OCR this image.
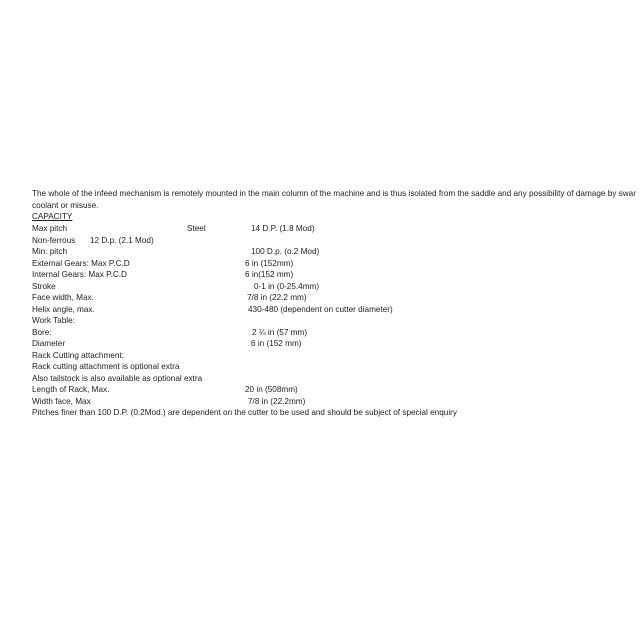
The whole of the infeed mechanism is remotely mounted in the main column of the machine and is thus isolated from the saddle and any possibility of damage by swar
coolant or misuse.
CAPACITY
Max pitch	Steel	14 D.P. (1.8 Mod)
Non-ferrous 12 D.p. (2.1 Mod)
Min. pitch	100 D.p. (o.2 Mod)
External Gears: Max P.C.D	6 in (152mm)
Internal Gears: Max P.C.D	6 in(152 mm)
Stroke	0-1 in (0-25.4mm)
Face width, Max.	7/8 in (22.2 mm)
Helix angle, max.	430-480 (dependent on cutter diameter)
Work Table:
Bore:	2 ¼ in (57 mm)
Diameter	6 in (152 mm)
Rack Cutting attachment:
Rack cutting attachment is optional extra
Also tailstock is also available as optional extra
Length of Rack, Max.	20 in (508mm)
Width face, Max	7/8 in (22.2mm)
Pitches finer than 100 D.P. (0.2Mod.) are dependent on the cutter to be used and should be subject of special enquiry
